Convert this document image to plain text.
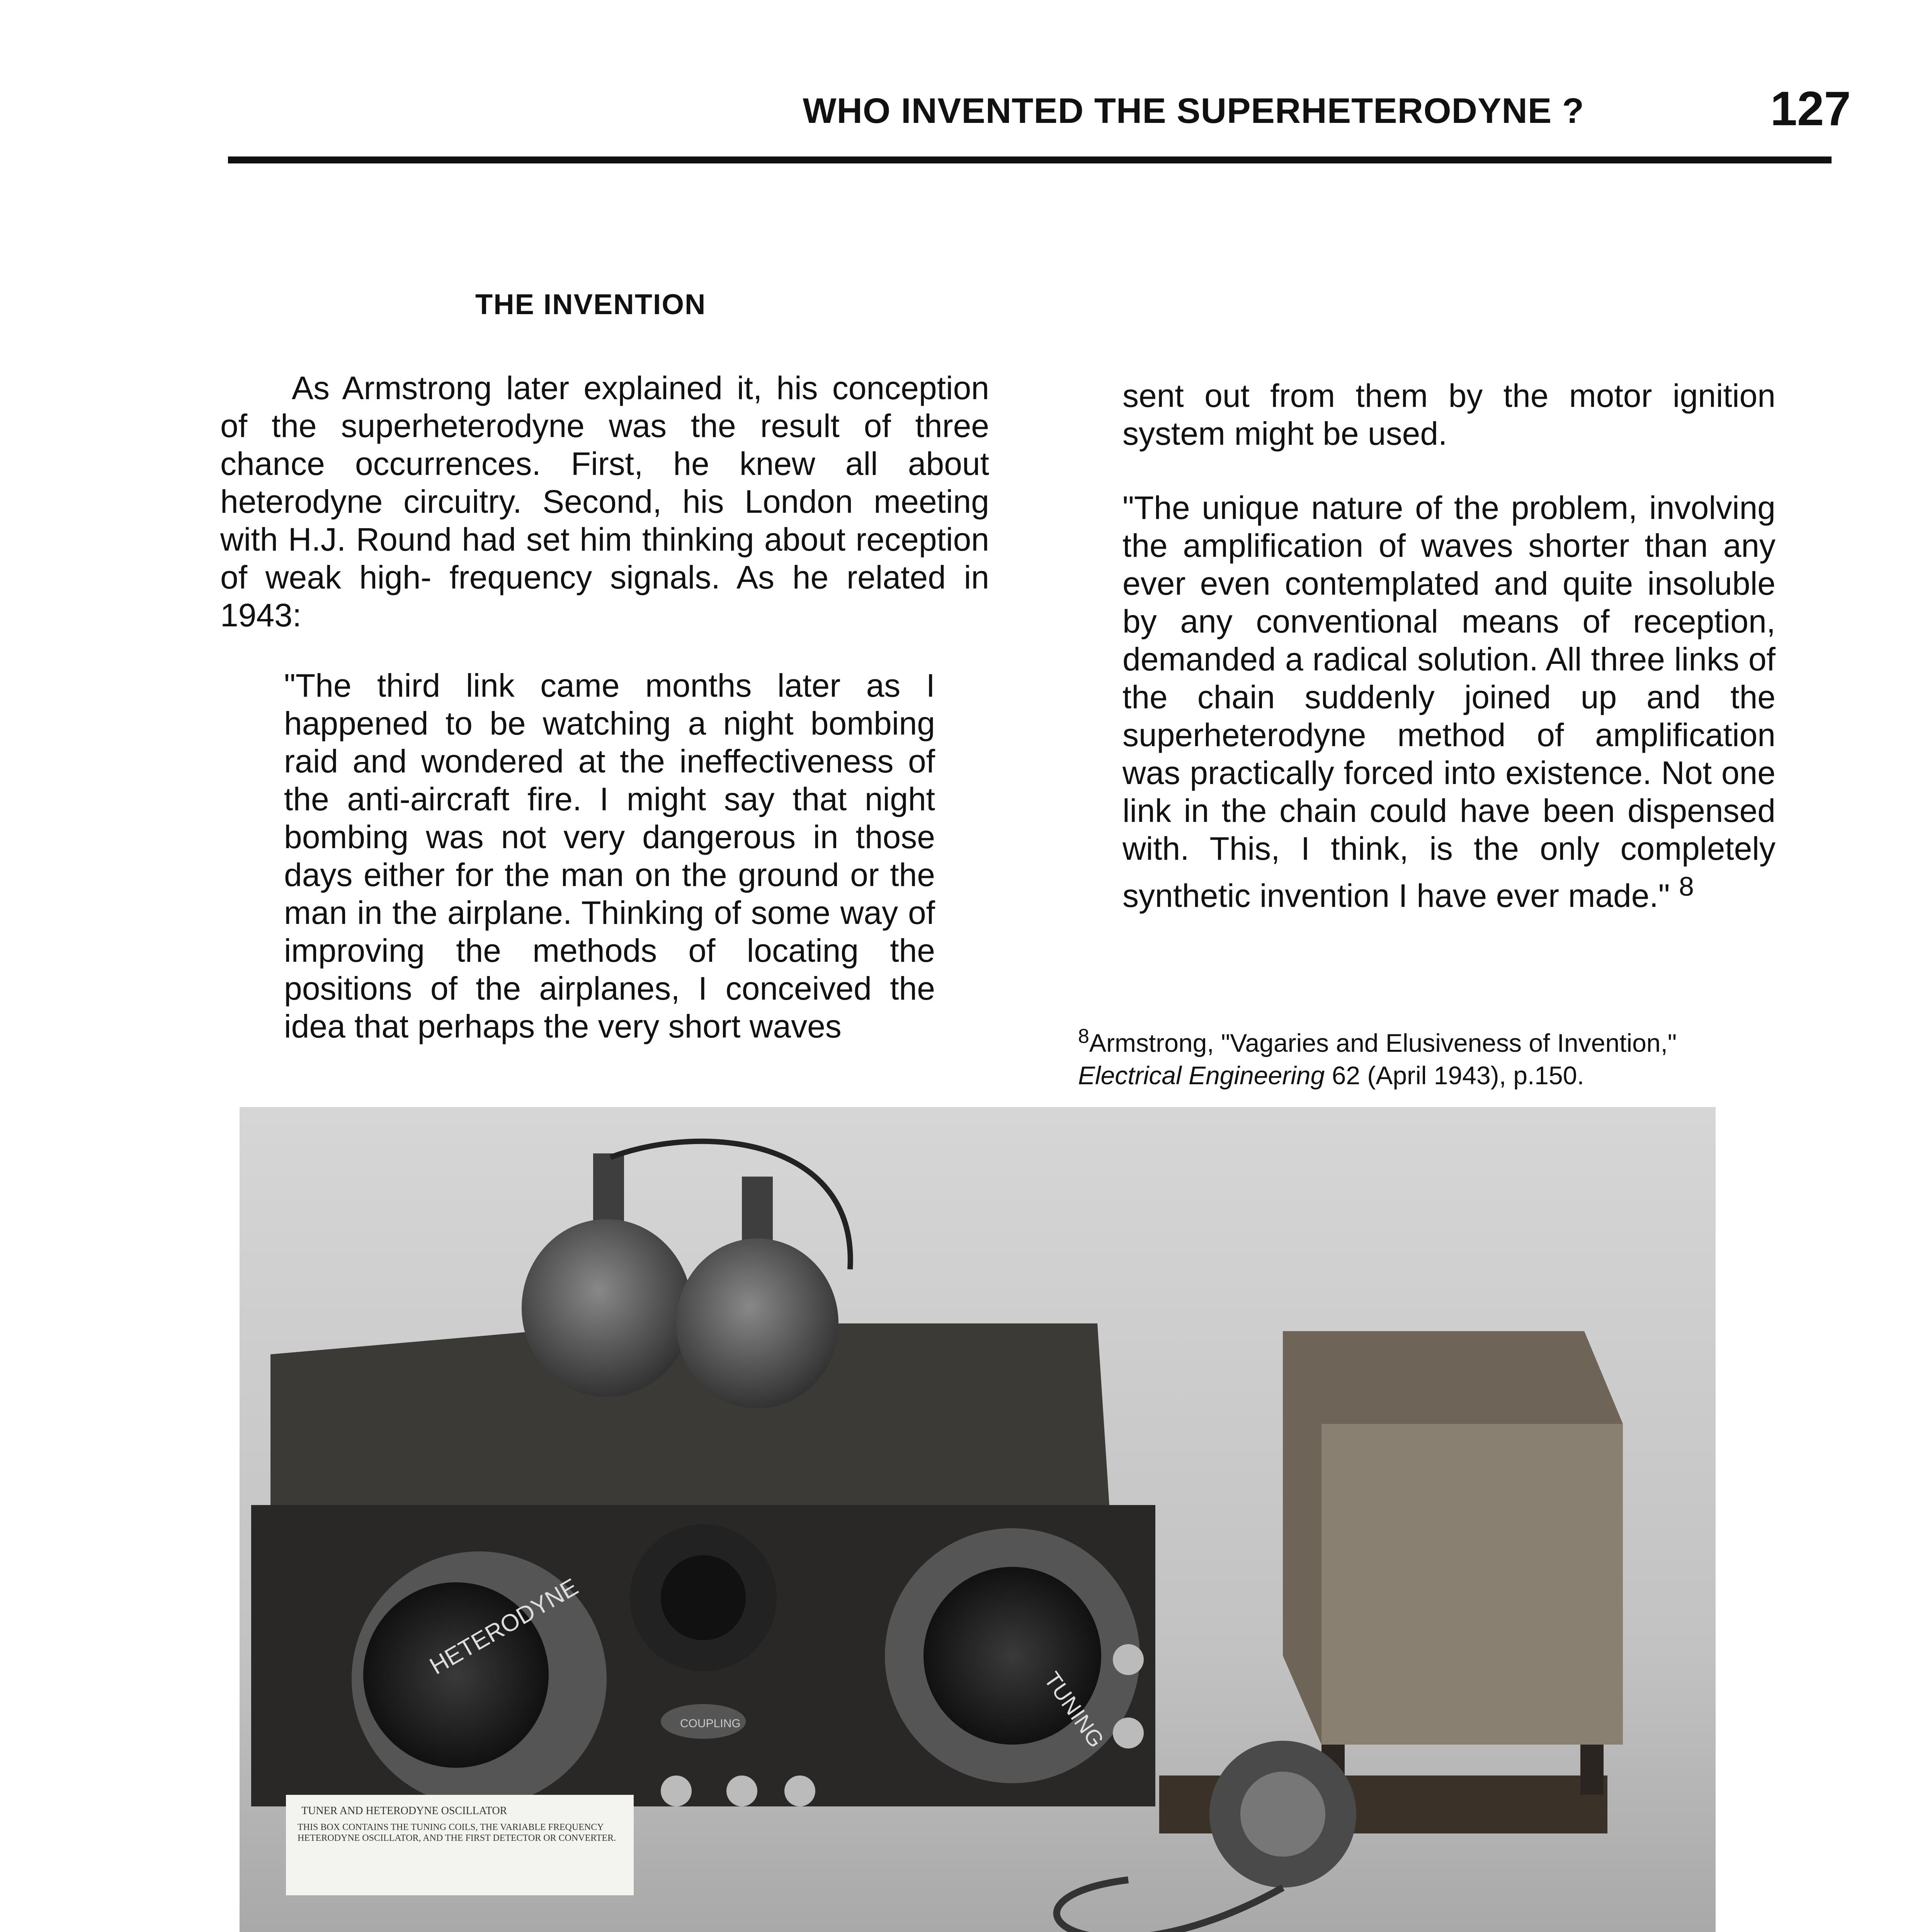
WHO INVENTED THE SUPERHETERODYNE ?	127
THE INVENTION

As Armstrong later explained it, his conception of the superheterodyne was the result of three chance occurrences. First, he knew all about heterodyne circuitry. Second, his London meeting with H.J. Round had set him thinking about reception of weak high- frequency signals. As he related in 1943:

"The third link came months later as I happened to be watching a night bombing raid and wondered at the ineffectiveness of the anti-aircraft fire. I might say that night bombing was not very dangerous in those days either for the man on the ground or the man in the airplane. Thinking of some way of improving the methods of locating the positions of the airplanes, I conceived the idea that perhaps the very short waves

sent out from them by the motor ignition system might be used.

"The unique nature of the problem, involving the amplification of waves shorter than any ever even contemplated and quite insoluble by any conventional means of reception, demanded a radical solution. All three links of the chain suddenly joined up and the superheterodyne method of amplification was practically forced into existence. Not one link in the chain could have been dispensed with. This, I think, is the only completely synthetic invention I have ever made." $^8$

$^8$Armstrong, "Vagaries and Elusiveness of Invention,"
Electrical Engineering 62 (April 1943), p.150.
HETERODYNE
TUNING
COUPLING
TUNER AND HETERODYNE OSCILLATOR
THIS BOX CONTAINS THE TUNING COILS, THE VARIABLE FREQUENCY HETERODYNE OSCILLATOR, AND THE FIRST DETECTOR OR CONVERTER.
